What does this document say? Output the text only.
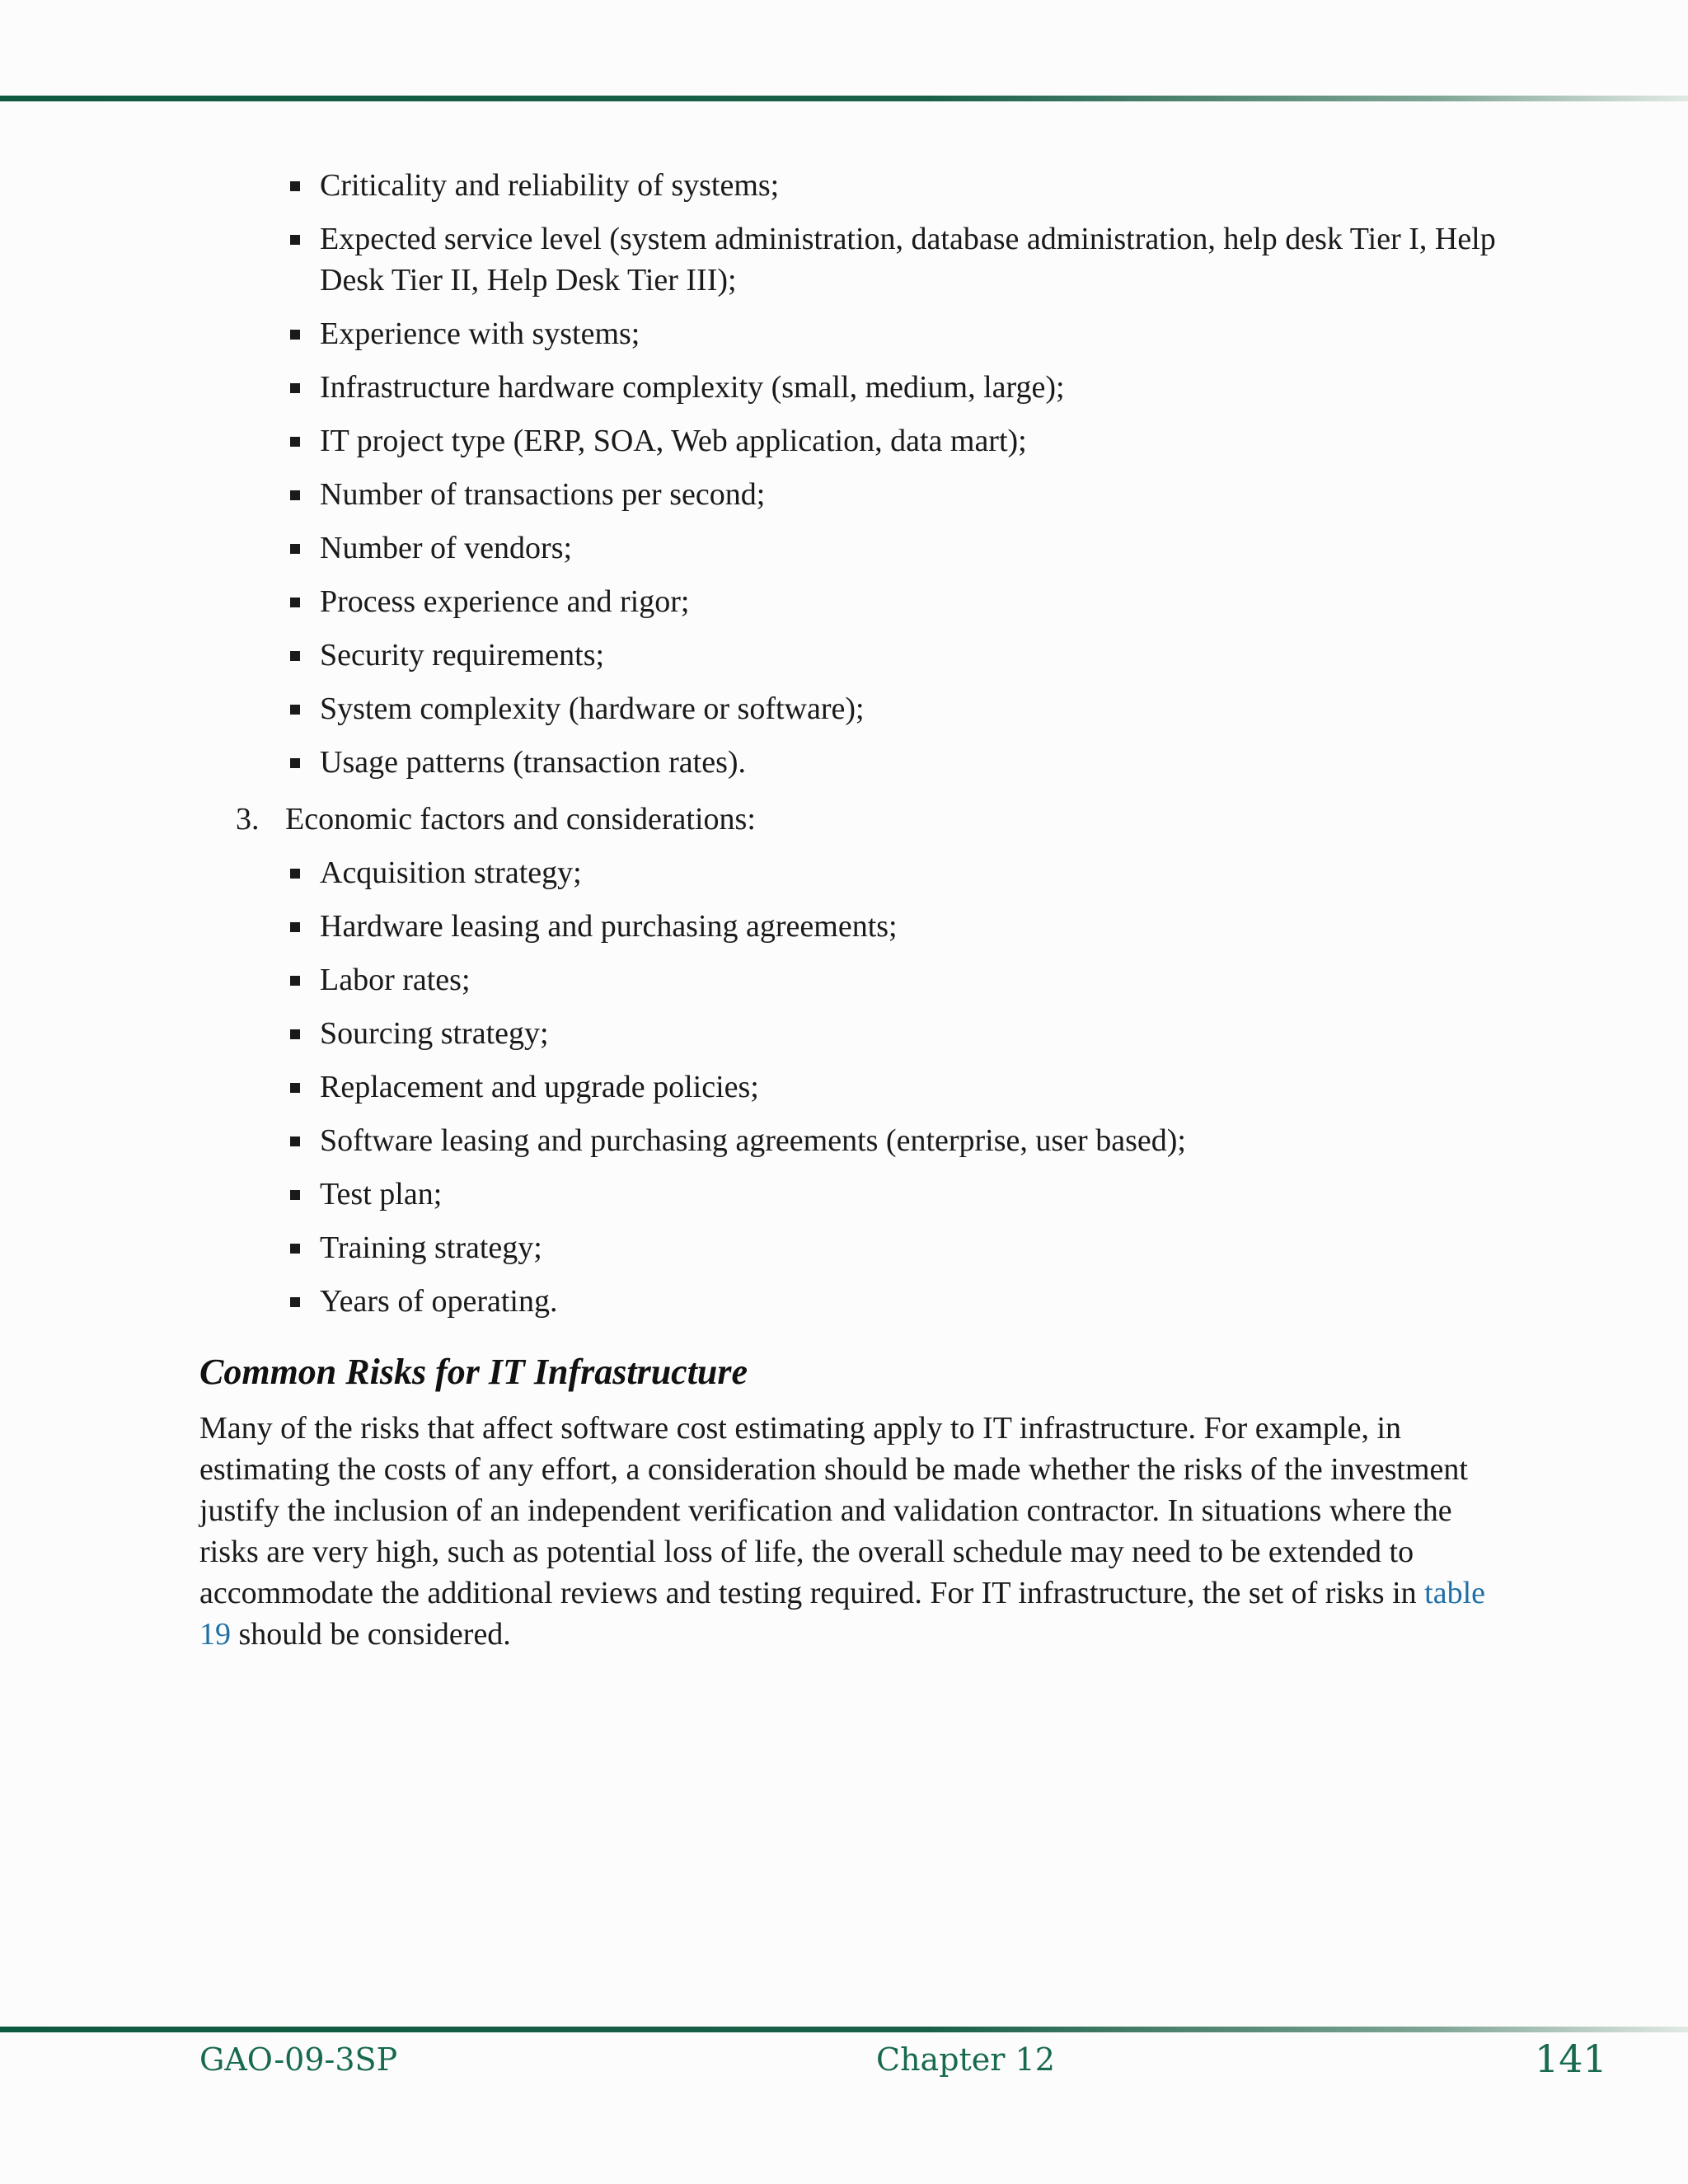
Criticality and reliability of systems;
Expected service level (system administration, database administration, help desk Tier I, Help Desk Tier II, Help Desk Tier III);
Experience with systems;
Infrastructure hardware complexity (small, medium, large);
IT project type (ERP, SOA, Web application, data mart);
Number of transactions per second;
Number of vendors;
Process experience and rigor;
Security requirements;
System complexity (hardware or software);
Usage patterns (transaction rates).
3. Economic factors and considerations:
Acquisition strategy;
Hardware leasing and purchasing agreements;
Labor rates;
Sourcing strategy;
Replacement and upgrade policies;
Software leasing and purchasing agreements (enterprise, user based);
Test plan;
Training strategy;
Years of operating.
Common Risks for IT Infrastructure

Many of the risks that affect software cost estimating apply to IT infrastructure. For example, in estimating the costs of any effort, a consideration should be made whether the risks of the investment justify the inclusion of an independent verification and validation contractor. In situations where the risks are very high, such as potential loss of life, the overall schedule may need to be extended to accommodate the additional reviews and testing required. For IT infrastructure, the set of risks in table 19 should be considered.

GAO-09-3SP	Chapter 12	141
